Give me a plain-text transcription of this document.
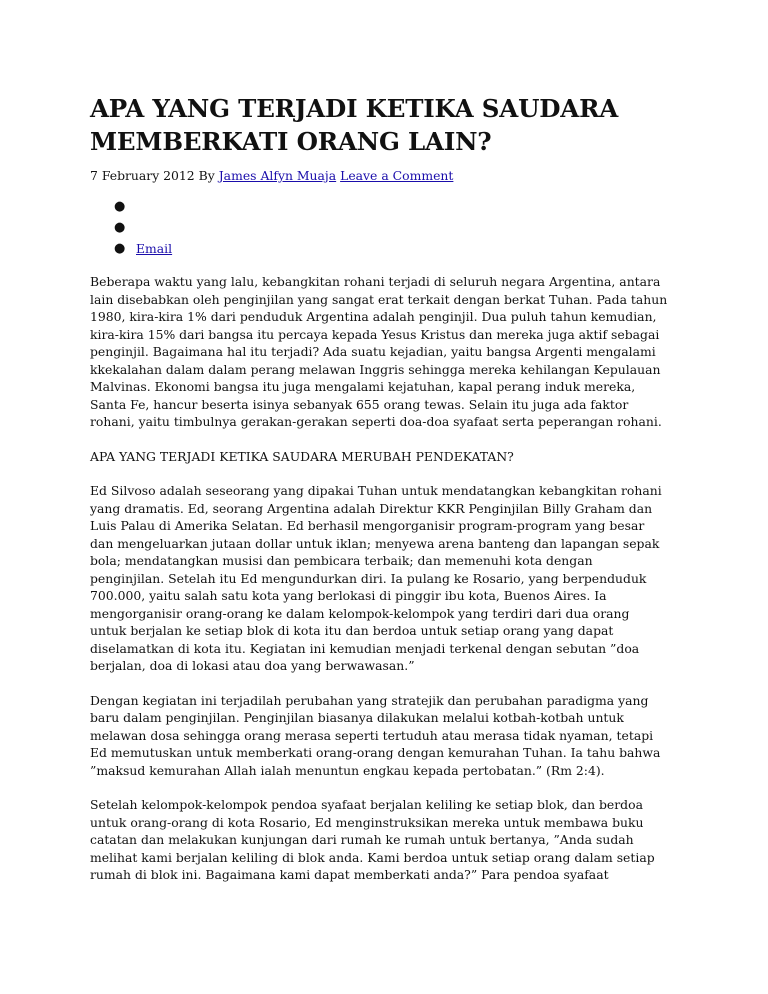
APA YANG TERJADI KETIKA SAUDARA
MEMBERKATI ORANG LAIN?
7 February 2012 By James Alfyn Muaja Leave a Comment
●
●
● Email

Beberapa waktu yang lalu, kebangkitan rohani terjadi di seluruh negara Argentina, antara
lain disebabkan oleh penginjilan yang sangat erat terkait dengan berkat Tuhan. Pada tahun
1980, kira-kira 1% dari penduduk Argentina adalah penginjil. Dua puluh tahun kemudian,
kira-kira 15% dari bangsa itu percaya kepada Yesus Kristus dan mereka juga aktif sebagai
penginjil. Bagaimana hal itu terjadi? Ada suatu kejadian, yaitu bangsa Argenti mengalami
kkekalahan dalam dalam perang melawan Inggris sehingga mereka kehilangan Kepulauan
Malvinas. Ekonomi bangsa itu juga mengalami kejatuhan, kapal perang induk mereka,
Santa Fe, hancur beserta isinya sebanyak 655 orang tewas. Selain itu juga ada faktor
rohani, yaitu timbulnya gerakan-gerakan seperti doa-doa syafaat serta peperangan rohani.

APA YANG TERJADI KETIKA SAUDARA MERUBAH PENDEKATAN?

Ed Silvoso adalah seseorang yang dipakai Tuhan untuk mendatangkan kebangkitan rohani
yang dramatis. Ed, seorang Argentina adalah Direktur KKR Penginjilan Billy Graham dan
Luis Palau di Amerika Selatan. Ed berhasil mengorganisir program-program yang besar
dan mengeluarkan jutaan dollar untuk iklan; menyewa arena banteng dan lapangan sepak
bola; mendatangkan musisi dan pembicara terbaik; dan memenuhi kota dengan
penginjilan. Setelah itu Ed mengundurkan diri. Ia pulang ke Rosario, yang berpenduduk
700.000, yaitu salah satu kota yang berlokasi di pinggir ibu kota, Buenos Aires. Ia
mengorganisir orang-orang ke dalam kelompok-kelompok yang terdiri dari dua orang
untuk berjalan ke setiap blok di kota itu dan berdoa untuk setiap orang yang dapat
diselamatkan di kota itu. Kegiatan ini kemudian menjadi terkenal dengan sebutan ”doa
berjalan, doa di lokasi atau doa yang berwawasan.”

Dengan kegiatan ini terjadilah perubahan yang stratejik dan perubahan paradigma yang
baru dalam penginjilan. Penginjilan biasanya dilakukan melalui kotbah-kotbah untuk
melawan dosa sehingga orang merasa seperti tertuduh atau merasa tidak nyaman, tetapi
Ed memutuskan untuk memberkati orang-orang dengan kemurahan Tuhan. Ia tahu bahwa
”maksud kemurahan Allah ialah menuntun engkau kepada pertobatan.” (Rm 2:4).

Setelah kelompok-kelompok pendoa syafaat berjalan keliling ke setiap blok, dan berdoa
untuk orang-orang di kota Rosario, Ed menginstruksikan mereka untuk membawa buku
catatan dan melakukan kunjungan dari rumah ke rumah untuk bertanya, ”Anda sudah
melihat kami berjalan keliling di blok anda. Kami berdoa untuk setiap orang dalam setiap
rumah di blok ini. Bagaimana kami dapat memberkati anda?” Para pendoa syafaat
